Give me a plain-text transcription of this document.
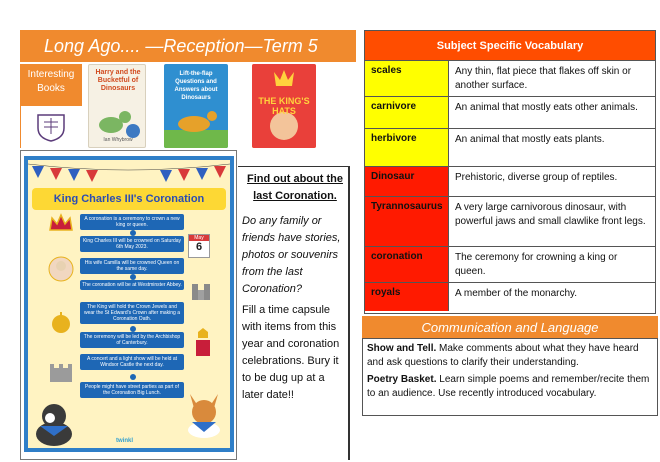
Long Ago.... —Reception—Term 5
Interesting Books
Harry and the Bucketful of Dinosaurs
Ian Whybrow
Lift-the-flap Questions and Answers about Dinosaurs	THE KING'S HATS
King Charles III's Coronation
A coronation is a ceremony to crown a new king or queen.
King Charles III will be crowned on Saturday 6th May 2023.
His wife Camilla will be crowned Queen on the same day.
The coronation will be at Westminster Abbey.
The King will hold the Crown Jewels and wear the St Edward's Crown after making a Coronation Oath.
The ceremony will be led by the Archbishop of Canterbury.
A concert and a light show will be held at Windsor Castle the next day.
People might have street parties as part of the Coronation Big Lunch.
May
6
twinkl
Find out about the last Coronation.
Do any family or friends have stories, photos or souvenirs from the last Coronation?
Fill a time capsule with items from this year and coronation celebrations. Bury it to be dug up at a later date!!
Subject Specific Vocabulary
scales	Any thin, flat piece that flakes off skin or another surface.
carnivore	An animal that mostly eats other animals.
herbivore	An animal that mostly eats plants.
Dinosaur	Prehistoric, diverse group of reptiles.
Tyrannosaurus	A very large carnivorous dinosaur, with powerful jaws and small clawlike front legs.
coronation	The ceremony for crowning a king or queen.
royals	A member of the monarchy.
Communication and Language

Show and Tell. Make comments about what they have heard and ask questions to clarify their understanding.

Poetry Basket. Learn simple poems and remember/recite them to an audience. Use recently introduced vocabulary.
